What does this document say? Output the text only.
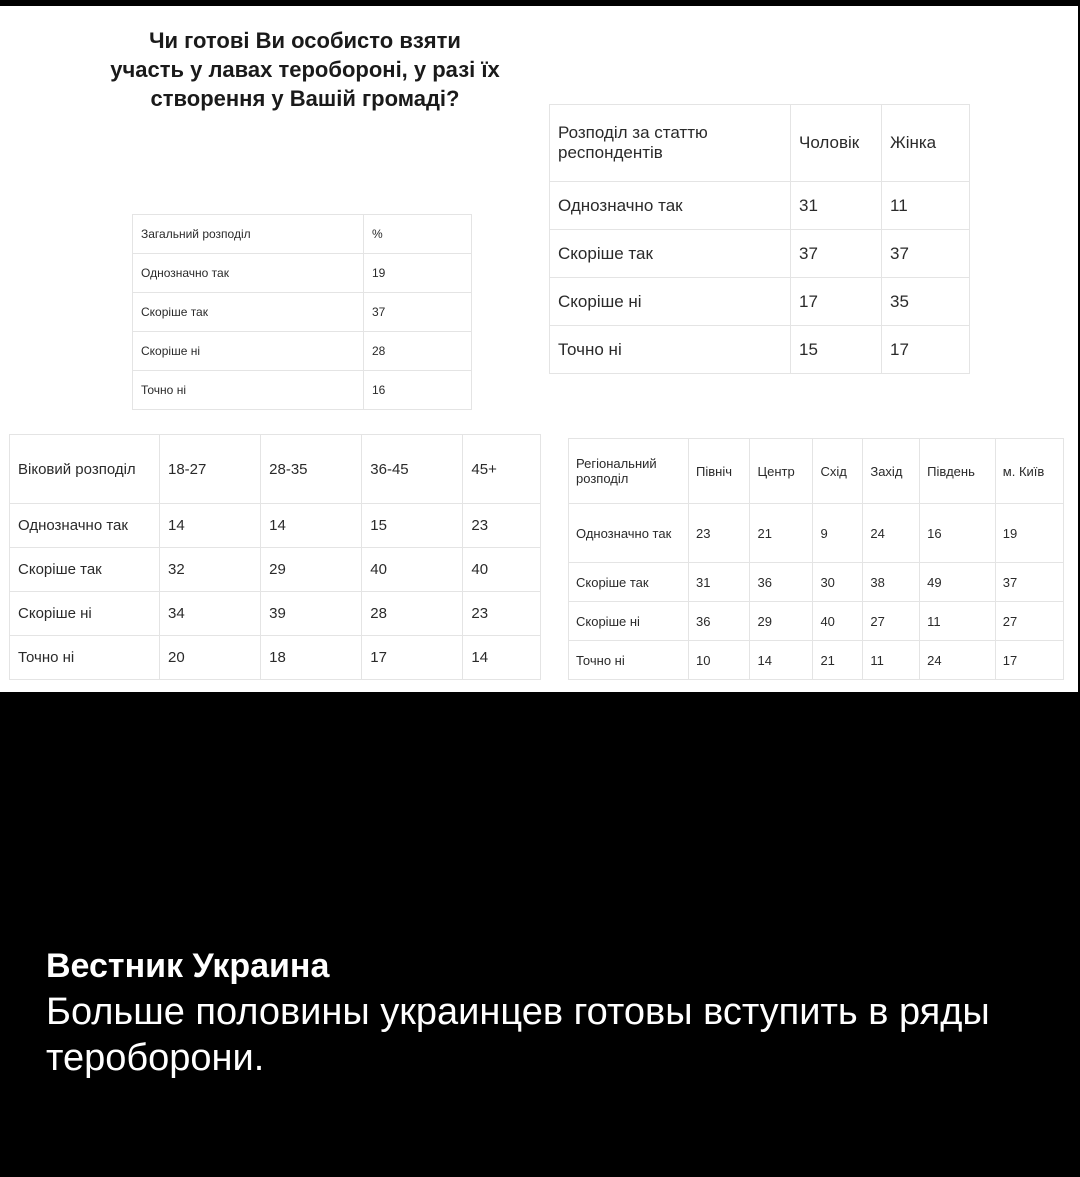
Чи готові Ви особисто взяти участь у лавах теробороні, у разі їх створення у Вашій громаді?
Загальний розподіл	%
Однозначно так	19
Скоріше так	37
Скоріше ні	28
Точно ні	16
Розподіл за статтю респондентів	Чоловік	Жінка
Однозначно так	31	11
Скоріше так	37	37
Скоріше ні	17	35
Точно ні	15	17
Віковий розподіл	18-27	28-35	36-45	45+
Однозначно так	14	14	15	23
Скоріше так	32	29	40	40
Скоріше ні	34	39	28	23
Точно ні	20	18	17	14
Регіональний розподіл	Північ	Центр	Схід	Захід	Південь	м. Київ
Однозначно так	23	21	9	24	16	19
Скоріше так	31	36	30	38	49	37
Скоріше ні	36	29	40	27	11	27
Точно ні	10	14	21	11	24	17
Вестник Украина
Больше половины украинцев готовы вступить в ряды тероборони.
